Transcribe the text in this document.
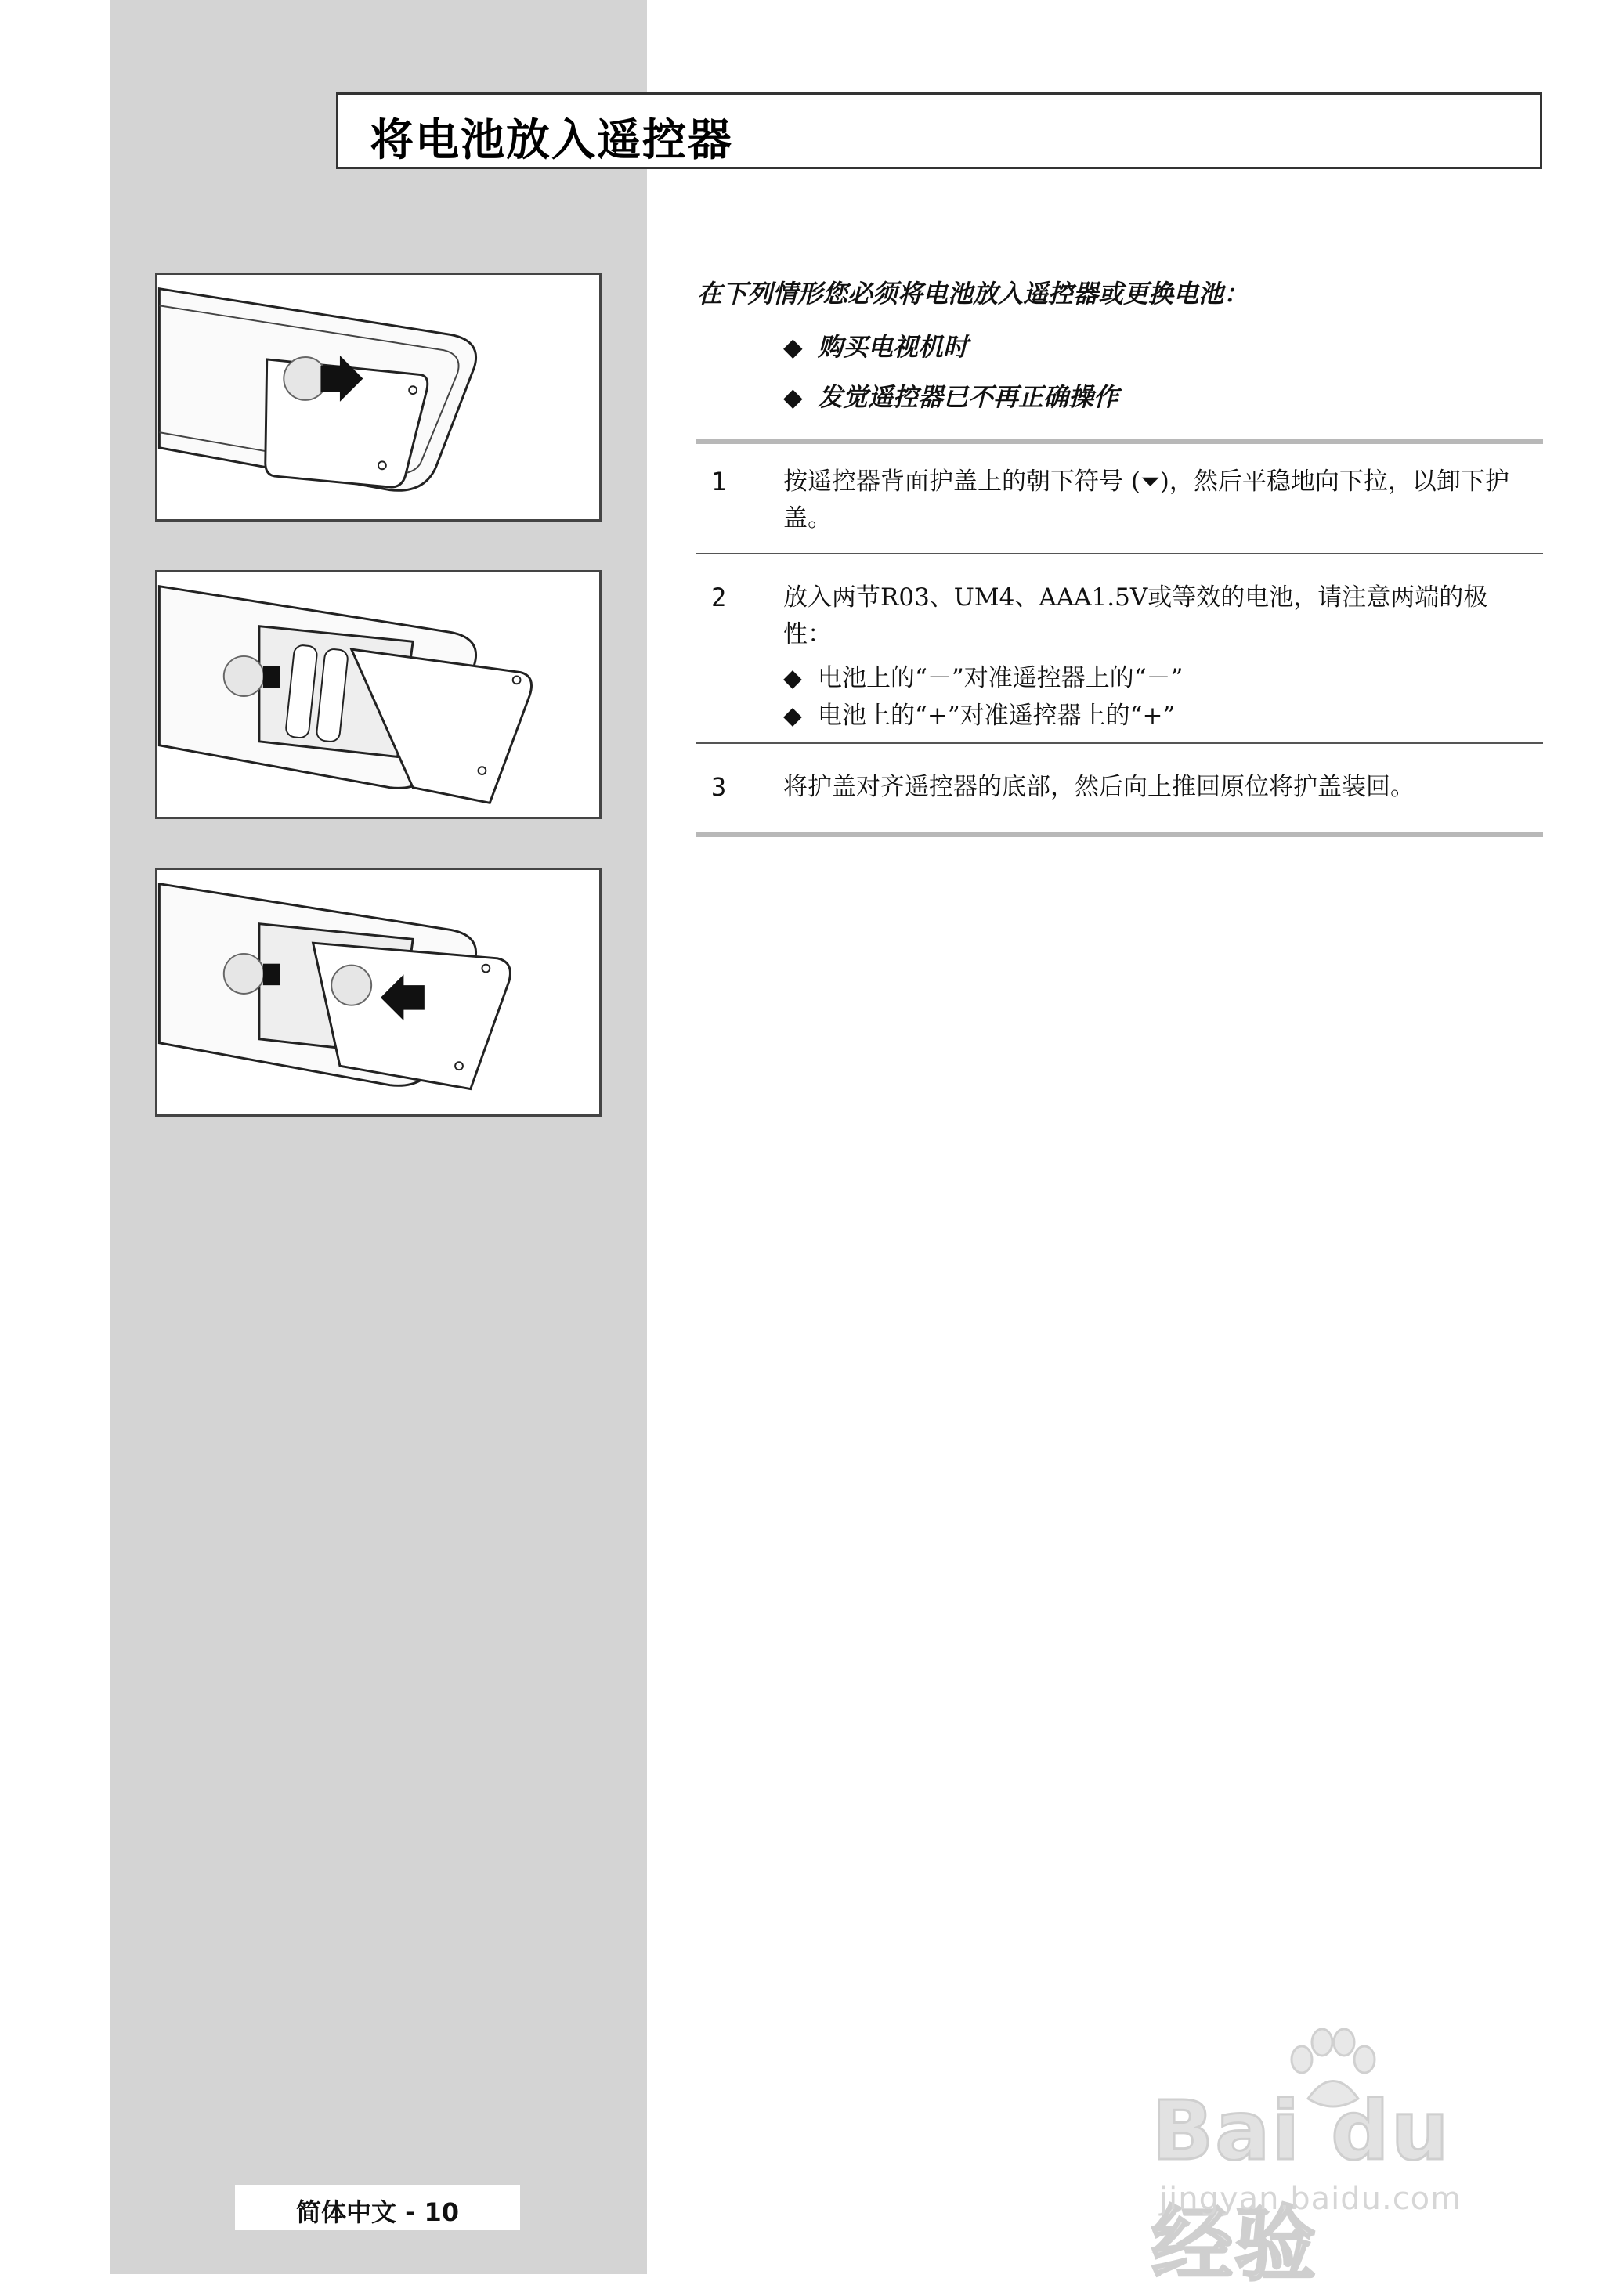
将电池放入遥控器
在下列情形您必须将电池放入遥控器或更换电池：
◆ 购买电视机时
◆ 发觉遥控器已不再正确操作
1 按遥控器背面护盖上的朝下符号 (⏷)，然后平稳地向下拉，以卸下护盖。
2 放入两节R03、UM4、AAA1.5V或等效的电池，请注意两端的极性：
◆ 电池上的“－”对准遥控器上的“－”
◆ 电池上的“+”对准遥控器上的“+”
3 将护盖对齐遥控器的底部，然后向上推回原位将护盖装回。
Bai du 经验
jingyan.baidu.com
简体中文 - 10
